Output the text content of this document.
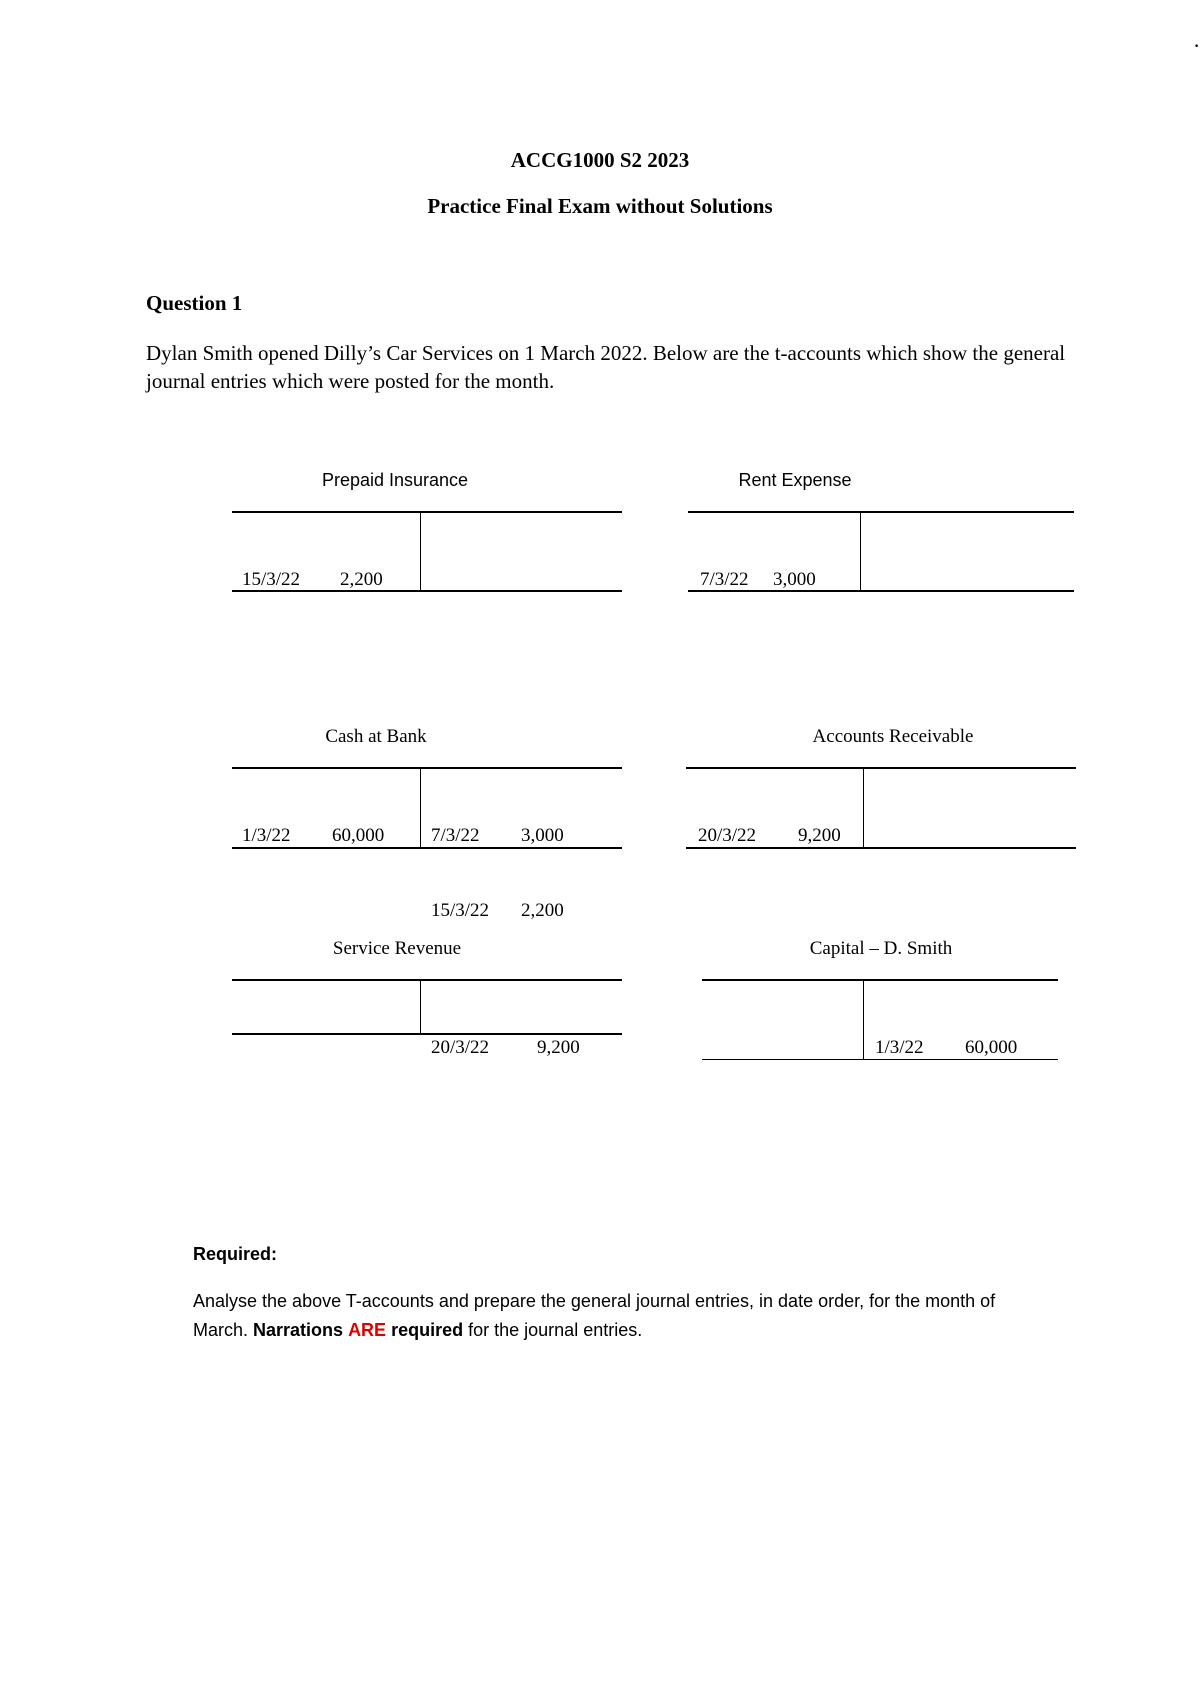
·
ACCG1000 S2 2023
Practice Final Exam without Solutions
Question 1
Dylan Smith opened Dilly’s Car Services on 1 March 2022. Below are the t-accounts which show the general journal entries which were posted for the month.
Prepaid Insurance

15/3/22 2,200

Rent Expense

7/3/22 3,000

Cash at Bank

1/3/22 60,000

7/3/22 3,000

15/3/22 2,200

Accounts Receivable

20/3/22 9,200

Service Revenue

20/3/22	9,200

Capital – D. Smith

1/3/22 60,000

Required:
Analyse the above T-accounts and prepare the general journal entries, in date order, for the month of March. Narrations ARE required for the journal entries.
